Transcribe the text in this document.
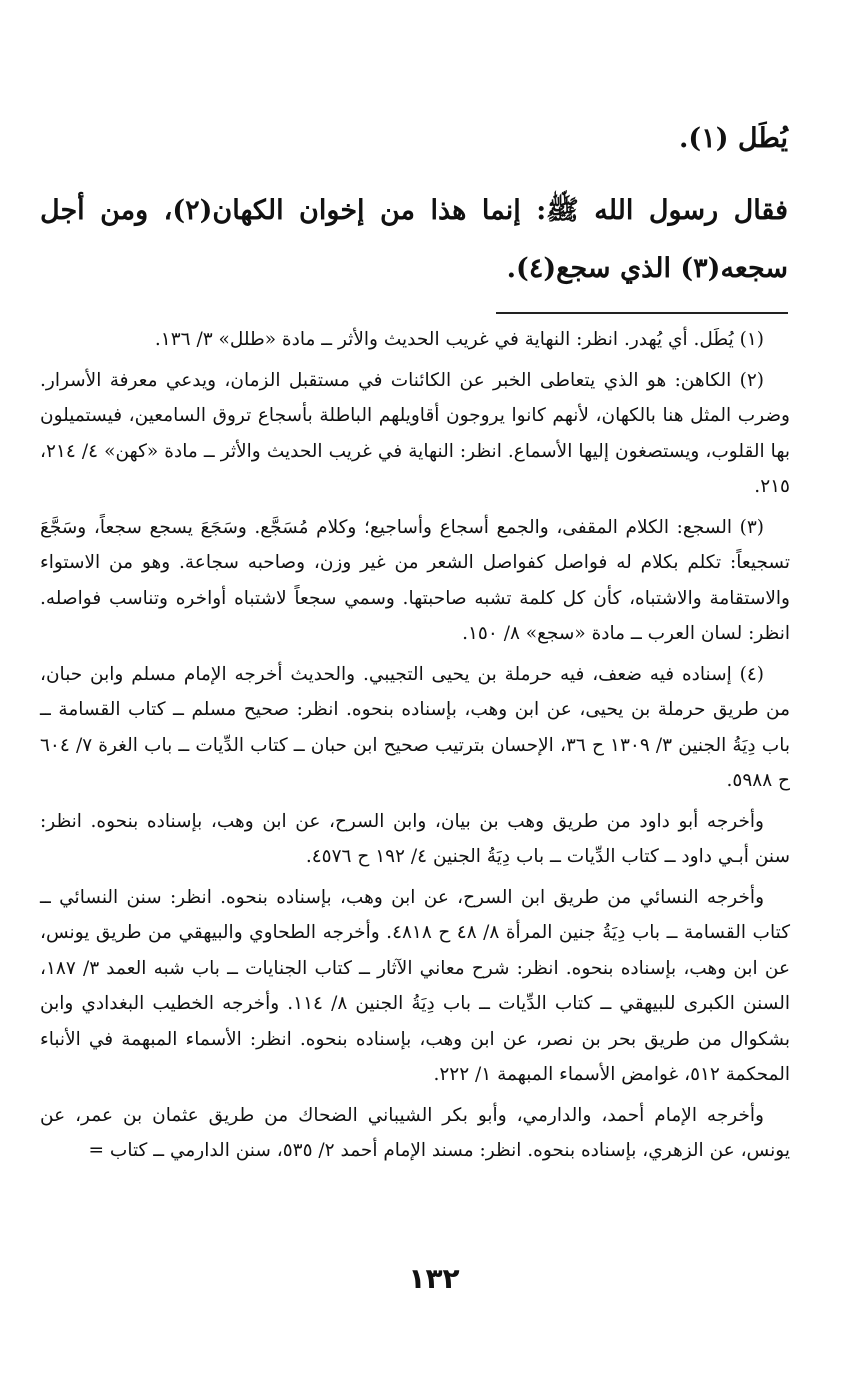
يُطَل (١).

فقال رسول الله ﷺ: إنما هذا من إخوان الكهان(٢)، ومن أجل سجعه(٣) الذي سجع(٤).

(١) يُطَل. أي يُهدر. انظر: النهاية في غريب الحديث والأثر ــ مادة «طلل» ٣/ ١٣٦.

(٢) الكاهن: هو الذي يتعاطى الخبر عن الكائنات في مستقبل الزمان، ويدعي معرفة الأسرار. وضرب المثل هنا بالكهان، لأنهم كانوا يروجون أقاويلهم الباطلة بأسجاع تروق السامعين، فيستميلون بها القلوب، ويستصغون إليها الأسماع. انظر: النهاية في غريب الحديث والأثر ــ مادة «كهن» ٤/ ٢١٤، ٢١٥.

(٣) السجع: الكلام المقفى، والجمع أسجاع وأساجيع؛ وكلام مُسَجَّع. وسَجَعَ يسجع سجعاً، وسَجَّعَ تسجيعاً: تكلم بكلام له فواصل كفواصل الشعر من غير وزن، وصاحبه سجاعة. وهو من الاستواء والاستقامة والاشتباه، كأن كل كلمة تشبه صاحبتها. وسمي سجعاً لاشتباه أواخره وتناسب فواصله. انظر: لسان العرب ــ مادة «سجع» ٨/ ١٥٠.

(٤) إسناده فيه ضعف، فيه حرملة بن يحيى التجيبي. والحديث أخرجه الإمام مسلم وابن حبان، من طريق حرملة بن يحيى، عن ابن وهب، بإسناده بنحوه. انظر: صحيح مسلم ــ كتاب القسامة ــ باب دِيَةُ الجنين ٣/ ١٣٠٩ ح ٣٦، الإحسان بترتيب صحيح ابن حبان ــ كتاب الدِّيات ــ باب الغرة ٧/ ٦٠٤ ح ٥٩٨٨.

وأخرجه أبو داود من طريق وهب بن بيان، وابن السرح، عن ابن وهب، بإسناده بنحوه. انظر: سنن أبـي داود ــ كتاب الدِّيات ــ باب دِيَةُ الجنين ٤/ ١٩٢ ح ٤٥٧٦.

وأخرجه النسائي من طريق ابن السرح، عن ابن وهب، بإسناده بنحوه. انظر: سنن النسائي ــ كتاب القسامة ــ باب دِيَةُ جنين المرأة ٨/ ٤٨ ح ٤٨١٨. وأخرجه الطحاوي والبيهقي من طريق يونس، عن ابن وهب، بإسناده بنحوه. انظر: شرح معاني الآثار ــ كتاب الجنايات ــ باب شبه العمد ٣/ ١٨٧، السنن الكبرى للبيهقي ــ كتاب الدِّيات ــ باب دِيَةُ الجنين ٨/ ١١٤. وأخرجه الخطيب البغدادي وابن بشكوال من طريق بحر بن نصر، عن ابن وهب، بإسناده بنحوه. انظر: الأسماء المبهمة في الأنباء المحكمة ٥١٢، غوامض الأسماء المبهمة ١/ ٢٢٢.

وأخرجه الإمام أحمد، والدارمي، وأبو بكر الشيباني الضحاك من طريق عثمان بن عمر، عن يونس، عن الزهري، بإسناده بنحوه. انظر: مسند الإمام أحمد ٢/ ٥٣٥، سنن الدارمي ــ كتاب =

١٣٢
